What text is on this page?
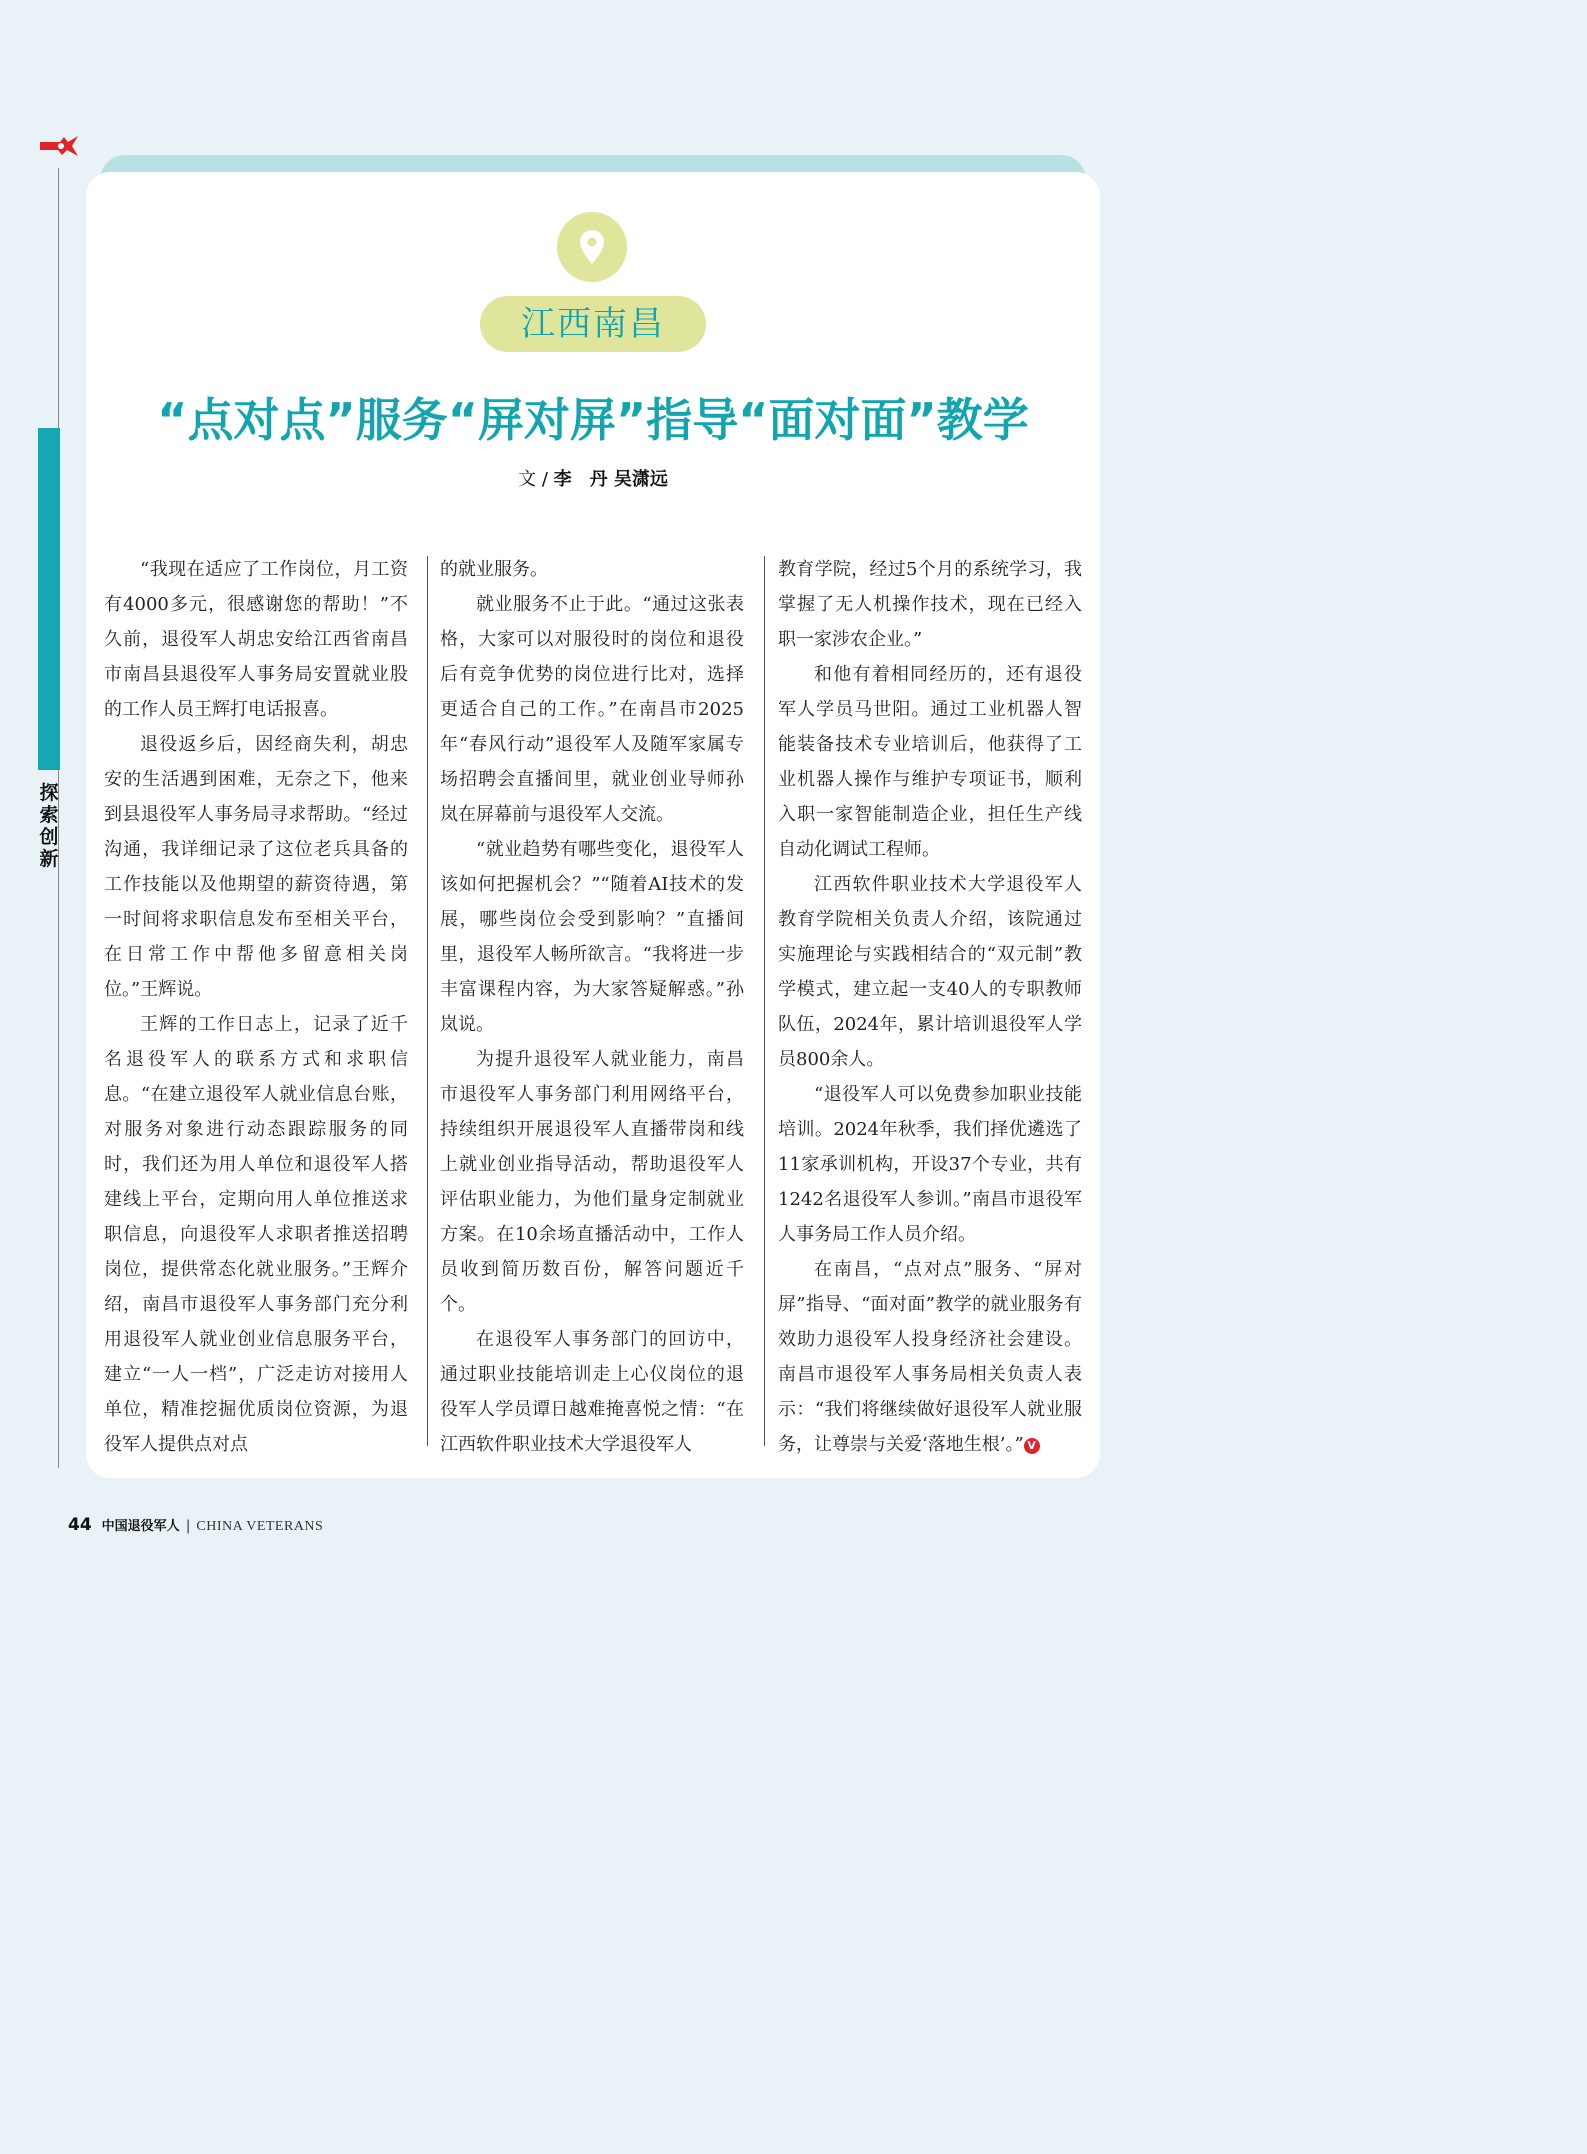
探索创新
江西南昌
“点对点”服务“屏对屏”指导“面对面”教学
文 / 李　丹 吴潇远

“我现在适应了工作岗位，月工资有4000多元，很感谢您的帮助！”不久前，退役军人胡忠安给江西省南昌市南昌县退役军人事务局安置就业股的工作人员王辉打电话报喜。

退役返乡后，因经商失利，胡忠安的生活遇到困难，无奈之下，他来到县退役军人事务局寻求帮助。“经过沟通，我详细记录了这位老兵具备的工作技能以及他期望的薪资待遇，第一时间将求职信息发布至相关平台，在日常工作中帮他多留意相关岗位。”王辉说。

王辉的工作日志上，记录了近千名退役军人的联系方式和求职信息。“在建立退役军人就业信息台账，对服务对象进行动态跟踪服务的同时，我们还为用人单位和退役军人搭建线上平台，定期向用人单位推送求职信息，向退役军人求职者推送招聘岗位，提供常态化就业服务。”王辉介绍，南昌市退役军人事务部门充分利用退役军人就业创业信息服务平台，建立“一人一档”，广泛走访对接用人单位，精准挖掘优质岗位资源，为退役军人提供点对点

的就业服务。

就业服务不止于此。“通过这张表格，大家可以对服役时的岗位和退役后有竞争优势的岗位进行比对，选择更适合自己的工作。”在南昌市2025年“春风行动”退役军人及随军家属专场招聘会直播间里，就业创业导师孙岚在屏幕前与退役军人交流。

“就业趋势有哪些变化，退役军人该如何把握机会？”“随着AI技术的发展，哪些岗位会受到影响？”直播间里，退役军人畅所欲言。“我将进一步丰富课程内容，为大家答疑解惑。”孙岚说。

为提升退役军人就业能力，南昌市退役军人事务部门利用网络平台，持续组织开展退役军人直播带岗和线上就业创业指导活动，帮助退役军人评估职业能力，为他们量身定制就业方案。在10余场直播活动中，工作人员收到简历数百份，解答问题近千个。

在退役军人事务部门的回访中，通过职业技能培训走上心仪岗位的退役军人学员谭日越难掩喜悦之情：“在江西软件职业技术大学退役军人

教育学院，经过5个月的系统学习，我掌握了无人机操作技术，现在已经入职一家涉农企业。”

和他有着相同经历的，还有退役军人学员马世阳。通过工业机器人智能装备技术专业培训后，他获得了工业机器人操作与维护专项证书，顺利入职一家智能制造企业，担任生产线自动化调试工程师。

江西软件职业技术大学退役军人教育学院相关负责人介绍，该院通过实施理论与实践相结合的“双元制”教学模式，建立起一支40人的专职教师队伍，2024年，累计培训退役军人学员800余人。

“退役军人可以免费参加职业技能培训。2024年秋季，我们择优遴选了11家承训机构，开设37个专业，共有1242名退役军人参训。”南昌市退役军人事务局工作人员介绍。

在南昌，“点对点”服务、“屏对屏”指导、“面对面”教学的就业服务有效助力退役军人投身经济社会建设。南昌市退役军人事务局相关负责人表示：“我们将继续做好退役军人就业服务，让尊崇与关爱‘落地生根’。” V

44 中国退役军人 | CHINA VETERANS
